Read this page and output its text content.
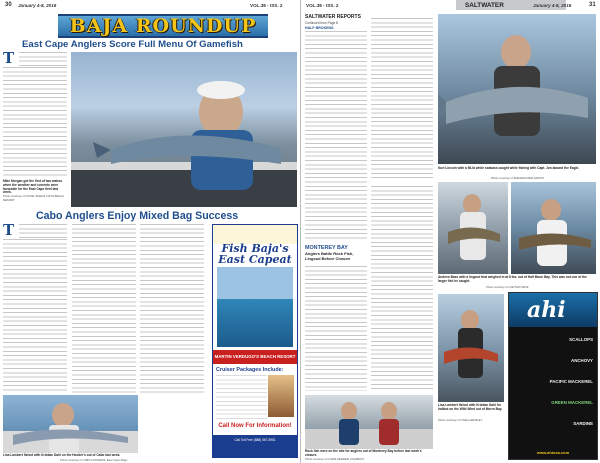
30 January 4-8, 2016	VOL.38 - ISS. 2
BAJA ROUNDUP
East Cape Anglers Score Full Menu Of Gamefish
T
Mike Morgan got the first of two wahoo when the weather and currents were favorable for the East Cape fleet last week.
Photo courtesy of HOTEL BUENA VISTA BEACH RESORT
Cabo Anglers Enjoy Mixed Bag Success
T
Lisa Lambert fished with Kristian Dahl on the Hooker's out of Cabo last week.
Photo courtesy of CABO HOOKERS, East Cape Mags

Fish Baja's
East Capeat
MARTIN VERDUGO'S BEACH RESORT
Cruiser Packages Include:
Call Now For Information!
Call Toll Free (888) 567-5951
VOL.38 - ISS. 2	SALTWATER	January 4-8, 2016	31
SALTWATER REPORTS
Continued from Page 8
HALF BROKENS
MONTEREY BAY
Anglers Battle Rock Fish, Lingcod Before Closure
Kurt Lincoln with a 98-lb white seabass caught while fishing with Capt. Jon aboard the Eagle.
Photo courtesy of SHEARWATER GROUP
Andrew Bass with a lingcod that weighed in at 8 lbs. out of Half Moon Bay. This was not one of the larger fish he caught.
Photo courtesy of CAPTAIN PETE
ahi
SCALLOPS
ANCHOVY
PACIFIC MACKEREL
GREEN MACKEREL
SARDINE
www.ahiusa.com
Lisa Lambert fished with Kristian Dahl for halibut on the Wild Wind out of Morro Bay.
Photo courtesy of LINDA HENSLEY
Rock fish were on the bite for anglers out of Monterey Bay before last week's closure.
Photo courtesy of CHRIS HERRER, FISHBOAT
